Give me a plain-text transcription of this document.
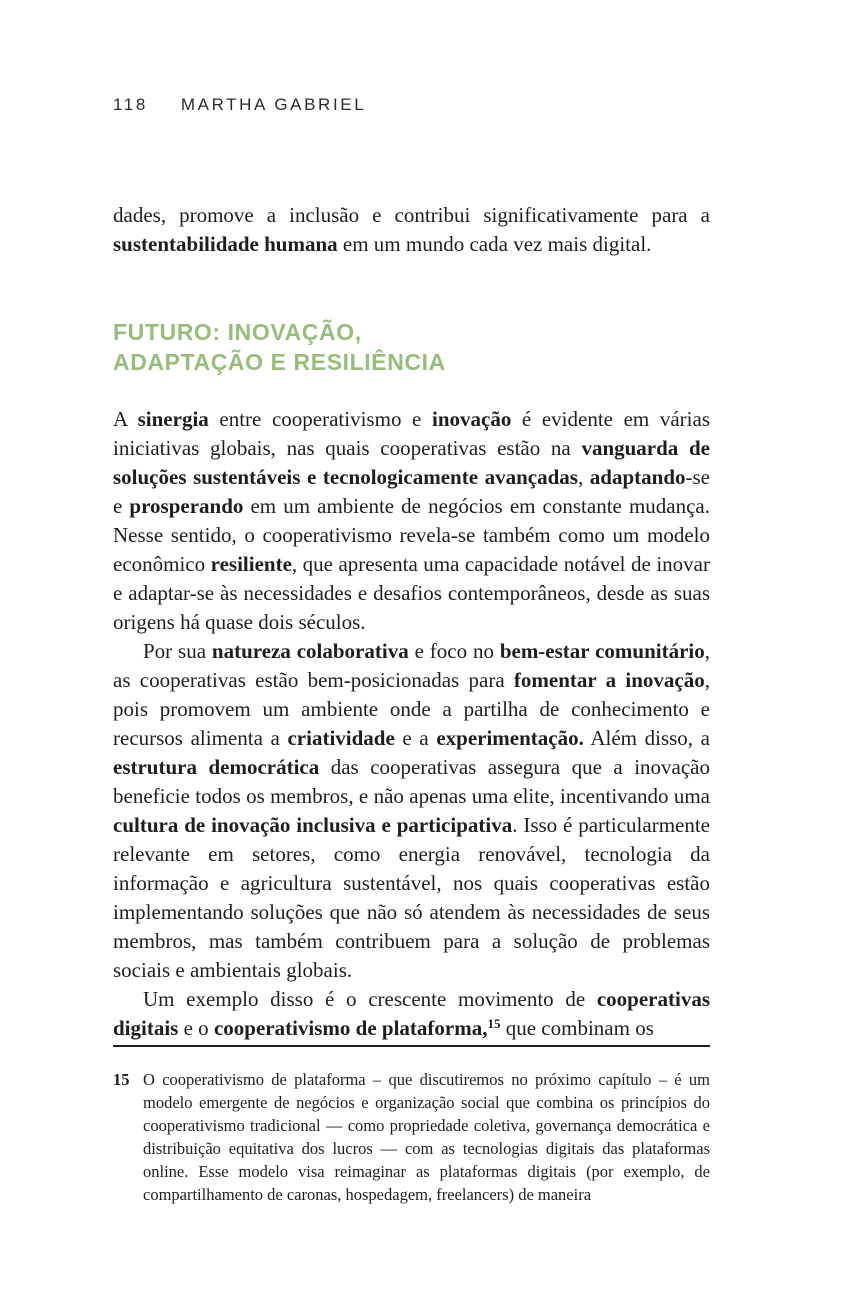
118 MARTHA GABRIEL
dades, promove a inclusão e contribui significativamente para a sustentabilidade humana em um mundo cada vez mais digital.
FUTURO: INOVAÇÃO,
ADAPTAÇÃO E RESILIÊNCIA
A sinergia entre cooperativismo e inovação é evidente em várias iniciativas globais, nas quais cooperativas estão na vanguarda de soluções sustentáveis e tecnologicamente avançadas, adaptando-se e prosperando em um ambiente de negócios em constante mudança. Nesse sentido, o cooperativismo revela-se também como um modelo econômico resiliente, que apresenta uma capacidade notável de inovar e adaptar-se às necessidades e desafios contemporâneos, desde as suas origens há quase dois séculos.
Por sua natureza colaborativa e foco no bem-estar comunitário, as cooperativas estão bem-posicionadas para fomentar a inovação, pois promovem um ambiente onde a partilha de conhecimento e recursos alimenta a criatividade e a experimentação. Além disso, a estrutura democrática das cooperativas assegura que a inovação beneficie todos os membros, e não apenas uma elite, incentivando uma cultura de inovação inclusiva e participativa. Isso é particularmente relevante em setores, como energia renovável, tecnologia da informação e agricultura sustentável, nos quais cooperativas estão implementando soluções que não só atendem às necessidades de seus membros, mas também contribuem para a solução de problemas sociais e ambientais globais.
Um exemplo disso é o crescente movimento de cooperativas digitais e o cooperativismo de plataforma,$^{15}$ que combinam os
15 O cooperativismo de plataforma – que discutiremos no próximo capítulo – é um modelo emergente de negócios e organização social que combina os princípios do cooperativismo tradicional — como propriedade coletiva, governança democrática e distribuição equitativa dos lucros — com as tecnologias digitais das plataformas online. Esse modelo visa reimaginar as plataformas digitais (por exemplo, de compartilhamento de caronas, hospedagem, freelancers) de maneira
